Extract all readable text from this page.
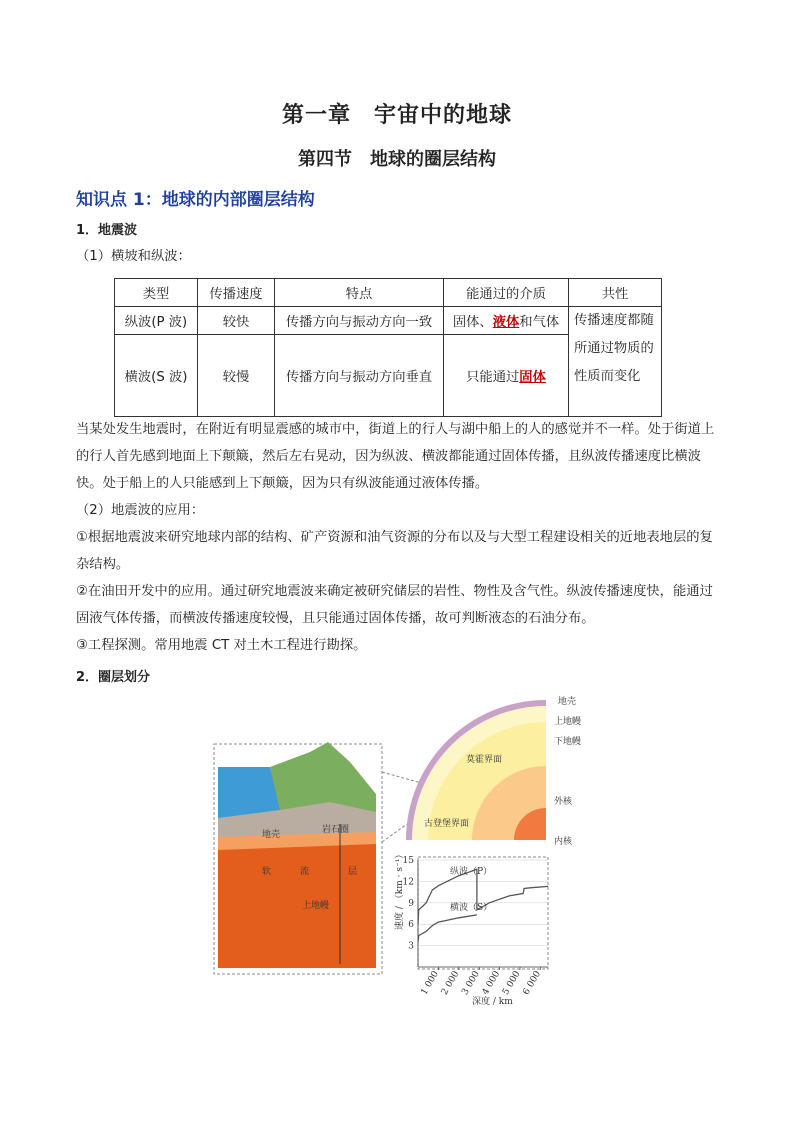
第一章　宇宙中的地球
第四节　地球的圈层结构
知识点 1：地球的内部圈层结构
1．地震波
（1）横坡和纵波：
类型	传播速度	特点	能通过的介质	共性
纵波(P 波)	较快	传播方向与振动方向一致	固体、液体和气体	传播速度都随所通过物质的性质而变化
横波(S 波)	较慢	传播方向与振动方向垂直	只能通过固体	
当某处发生地震时，在附近有明显震感的城市中，街道上的行人与湖中船上的人的感觉并不一样。处于街道上的行人首先感到地面上下颠簸，然后左右晃动，因为纵波、横波都能通过固体传播，且纵波传播速度比横波快。处于船上的人只能感到上下颠簸，因为只有纵波能通过液体传播。
（2）地震波的应用：
①根据地震波来研究地球内部的结构、矿产资源和油气资源的分布以及与大型工程建设相关的近地表地层的复杂结构。
②在油田开发中的应用。通过研究地震波来确定被研究储层的岩性、物性及含气性。纵波传播速度快，能通过固液气体传播，而横波传播速度较慢，且只能通过固体传播，故可判断液态的石油分布。
③工程探测。常用地震 CT 对土木工程进行勘探。
2．圈层划分
地壳	岩石圈
软	流	层
上地幔
地壳
上地幔
下地幔
外核
内核
莫霍界面
古登堡界面
速度 / （km · s⁻¹）
深度 / km
3
6
9
12
15
1 000
2 000
3 000
4 000
5 000
6 000
纵波（P）
横波（S）
